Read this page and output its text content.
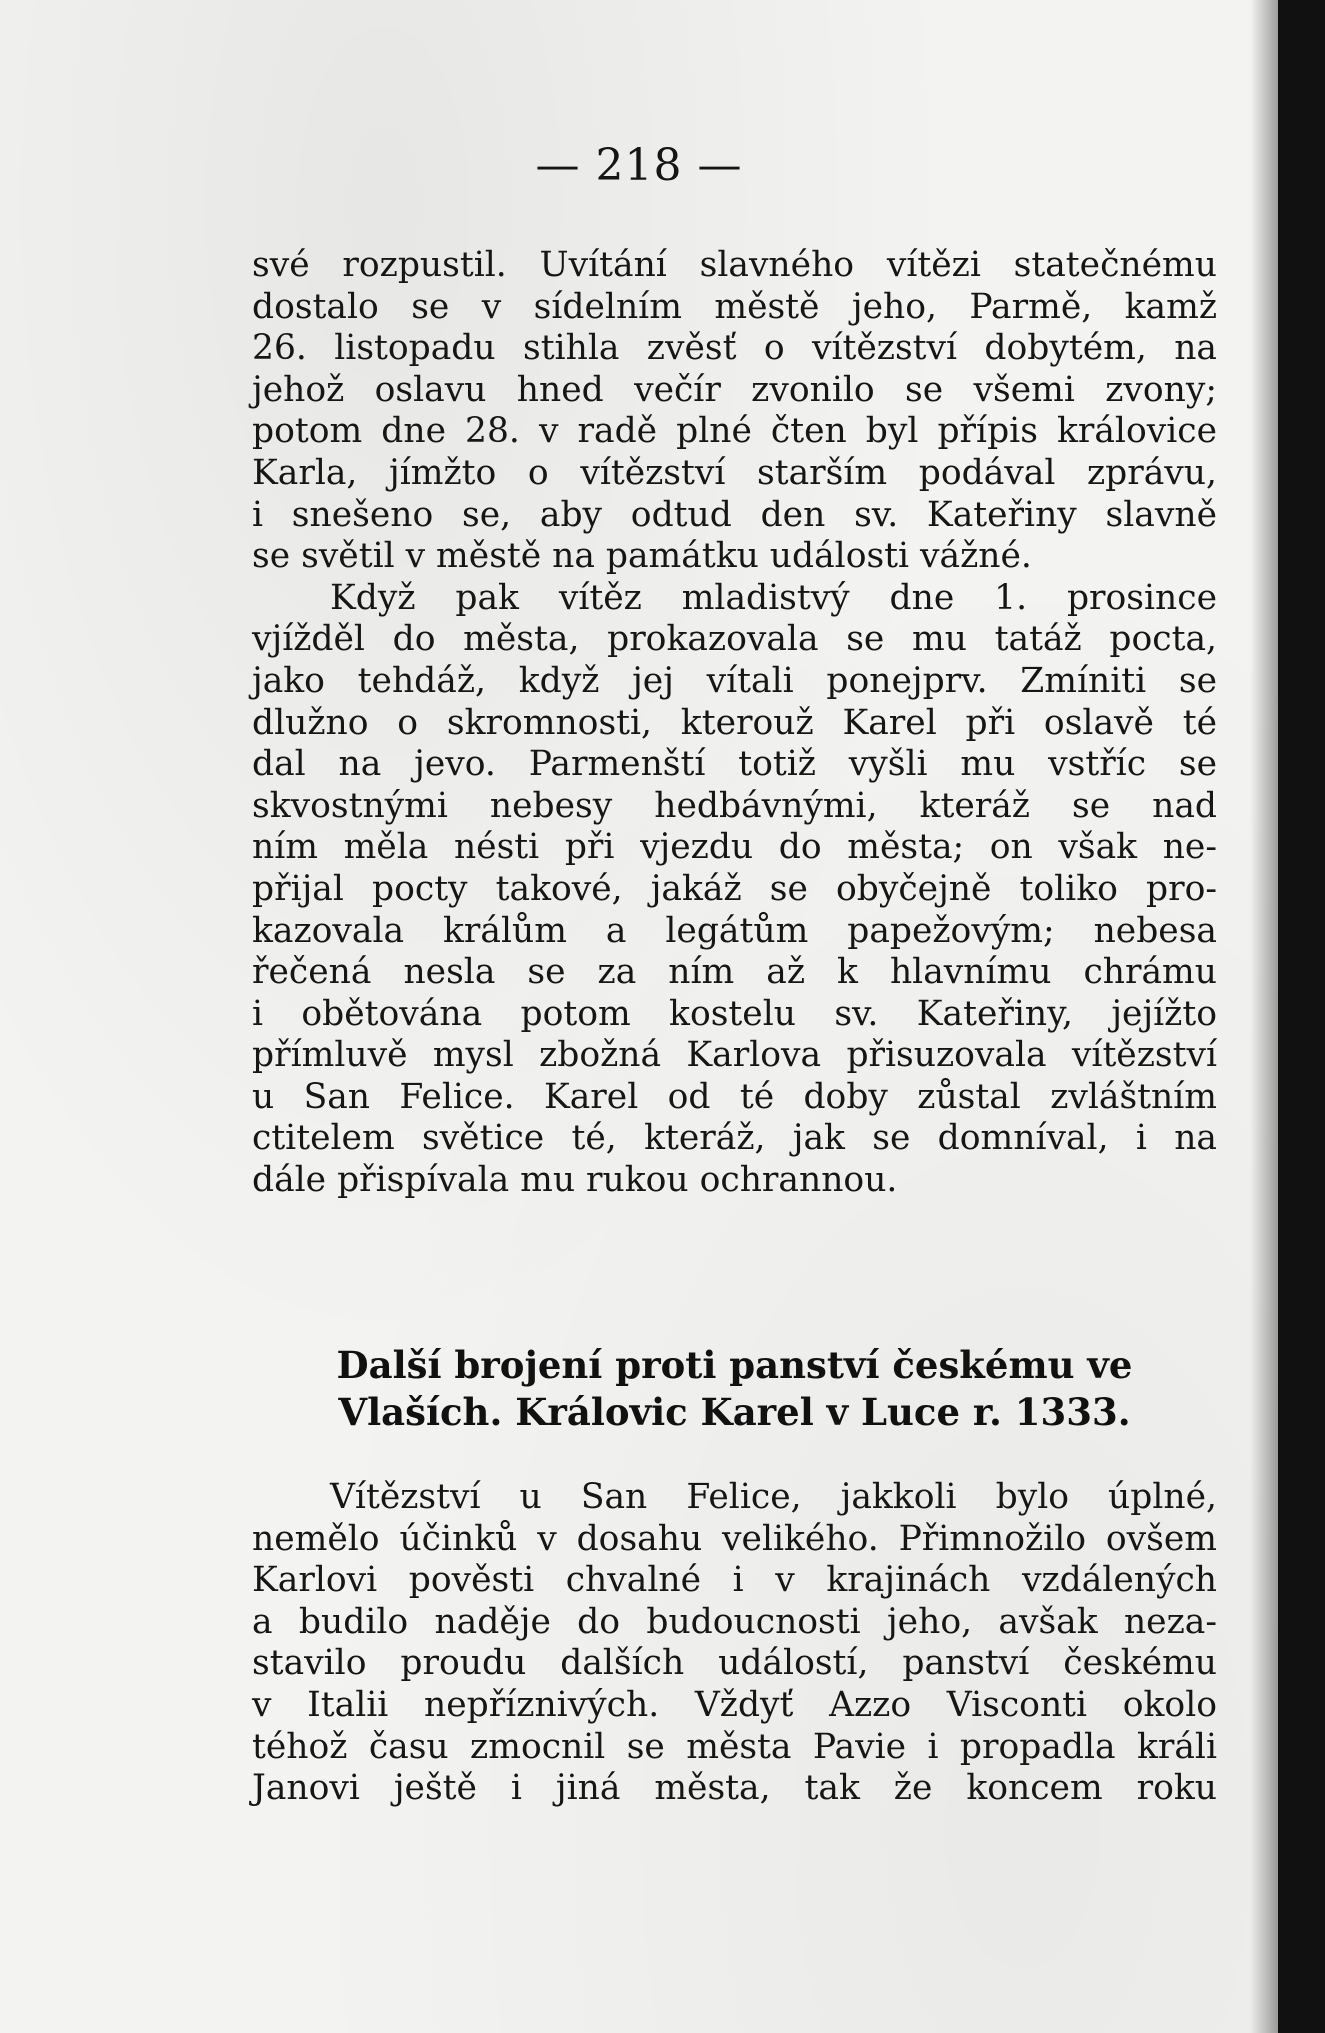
— 218 —
své rozpustil. Uvítání slavného vítězi statečnému
dostalo se v sídelním městě jeho, Parmě, kamž
26. listopadu stihla zvěsť o vítězství dobytém, na
jehož oslavu hned večír zvonilo se všemi zvony;
potom dne 28. v radě plné čten byl přípis královice
Karla, jímžto o vítězství starším podával zprávu,
i snešeno se, aby odtud den sv. Kateřiny slavně
se světil v městě na památku události vážné.
Když pak vítěz mladistvý dne 1. prosince
vjížděl do města, prokazovala se mu tatáž pocta,
jako tehdáž, když jej vítali ponejprv. Zmíniti se
dlužno o skromnosti, kterouž Karel při oslavě té
dal na jevo. Parmenští totiž vyšli mu vstříc se
skvostnými nebesy hedbávnými, kteráž se nad
ním měla nésti při vjezdu do města; on však ne-
přijal pocty takové, jakáž se obyčejně toliko pro-
kazovala králům a legátům papežovým; nebesa
řečená nesla se za ním až k hlavnímu chrámu
i obětována potom kostelu sv. Kateřiny, jejížto
přímluvě mysl zbožná Karlova přisuzovala vítězství
u San Felice. Karel od té doby zůstal zvláštním
ctitelem světice té, kteráž, jak se domníval, i na
dále přispívala mu rukou ochrannou.
Další brojení proti panství českému ve
Vlaších. Královic Karel v Luce r. 1333.
Vítězství u San Felice, jakkoli bylo úplné,
nemělo účinků v dosahu velikého. Přimnožilo ovšem
Karlovi pověsti chvalné i v krajinách vzdálených
a budilo naděje do budoucnosti jeho, avšak neza-
stavilo proudu dalších událostí, panství českému
v Italii nepříznivých. Vždyť Azzo Visconti okolo
téhož času zmocnil se města Pavie i propadla králi
Janovi ještě i jiná města, tak že koncem roku
